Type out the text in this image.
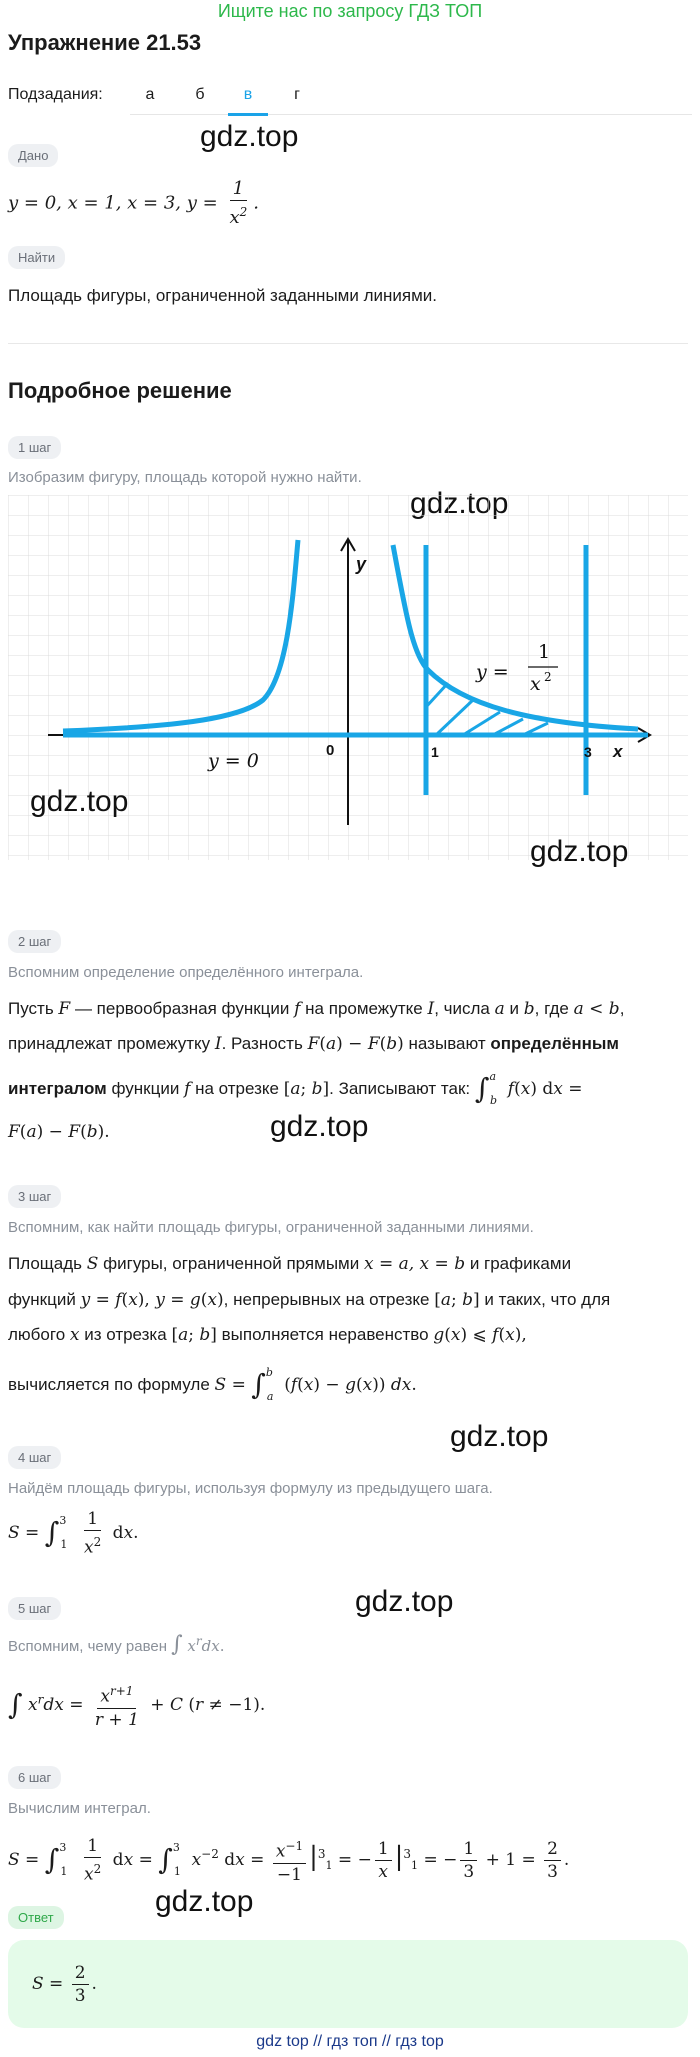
Ищите нас по запросу ГДЗ ТОП
Упражнение 21.53
Подзадания:	а	б	в	г
gdz.top
Дано
y = 0, x = 1, x = 3, $y = \frac{1}{x^2}$ .
Найти
Площадь фигуры, ограниченной заданными линиями.
Подробное решение
1 шаг
Изобразим фигуру, площадь которой нужно найти.
y
x
0	1	3
y = 0
y =
1
x 2
gdz.top
gdz.top
2 шаг
Вспомним определение определённого интеграла.
Пусть F — первообразная функции f на промежутке I, числа a и b, где a < b,
принадлежат промежутку I. Разность F(a) − F(b) называют определённым
интегралом функции f на отрезке [a; b]. Записывают так: ∫$^a_b$ f(x) dx =
F(a) − F(b).	gdz.top
3 шаг
Вспомним, как найти площадь фигуры, ограниченной заданными линиями.
Площадь S фигуры, ограниченной прямыми x = a, x = b и графиками
функций y = f(x), y = g(x), непрерывных на отрезке [a; b] и таких, что для
любого x из отрезка [a; b] выполняется неравенство g(x) ⩽ f(x),
вычисляется по формуле S = ∫$^b_a$ (f(x) − g(x)) dx.
gdz.top
4 шаг
Найдём площадь фигуры, используя формулу из предыдущего шага.
$S = \int^3_1 \frac{1}{x^2}$ dx.
gdz.top
5 шаг
Вспомним, чему равен ∫ $x^rdx$.
∫ $x^rdx = \frac{x^{r+1}}{r + 1} + C$ (r ≠ −1).
6 шаг
Вычислим интеграл.
$S = \int^3_1 \frac{1}{x^2}$ dx = ∫$^3_1$ $x^{-2}$ dx = $\frac{x^{-1}}{-1} |^3_1$ = − $\frac{1}{x} |^3_1$ = − $\frac{1}{3} + 1 = \frac{2}{3}$ .
gdz.top
Ответ
$S = \frac{2}{3}$ .
gdz top // гдз топ // гдз top
